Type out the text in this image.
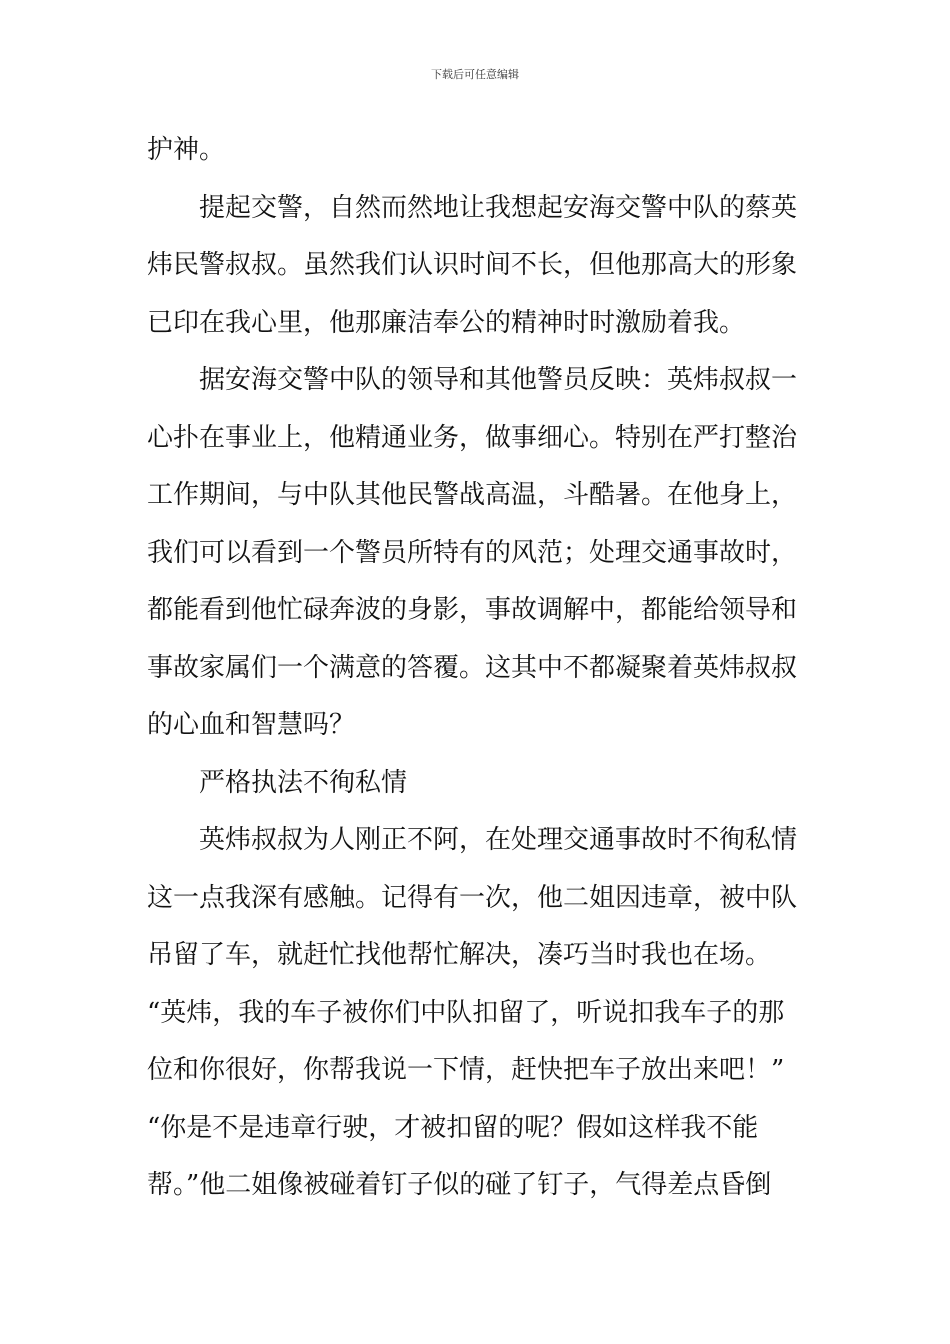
下载后可任意编辑
护神。
提起交警，自然而然地让我想起安海交警中队的蔡英
炜民警叔叔。虽然我们认识时间不长，但他那高大的形象
已印在我心里，他那廉洁奉公的精神时时激励着我。
据安海交警中队的领导和其他警员反映：英炜叔叔一
心扑在事业上，他精通业务，做事细心。特别在严打整治
工作期间，与中队其他民警战高温，斗酷暑。在他身上，
我们可以看到一个警员所特有的风范；处理交通事故时，
都能看到他忙碌奔波的身影，事故调解中，都能给领导和
事故家属们一个满意的答覆。这其中不都凝聚着英炜叔叔
的心血和智慧吗？
严格执法不徇私情
英炜叔叔为人刚正不阿，在处理交通事故时不徇私情
这一点我深有感触。记得有一次，他二姐因违章，被中队
吊留了车，就赶忙找他帮忙解决，凑巧当时我也在场。
“英炜，我的车子被你们中队扣留了，听说扣我车子的那
位和你很好，你帮我说一下情，赶快把车子放出来吧！”
“你是不是违章行驶，才被扣留的呢？假如这样我不能
帮。”他二姐像被碰着钉子似的碰了钉子，气得差点昏倒
